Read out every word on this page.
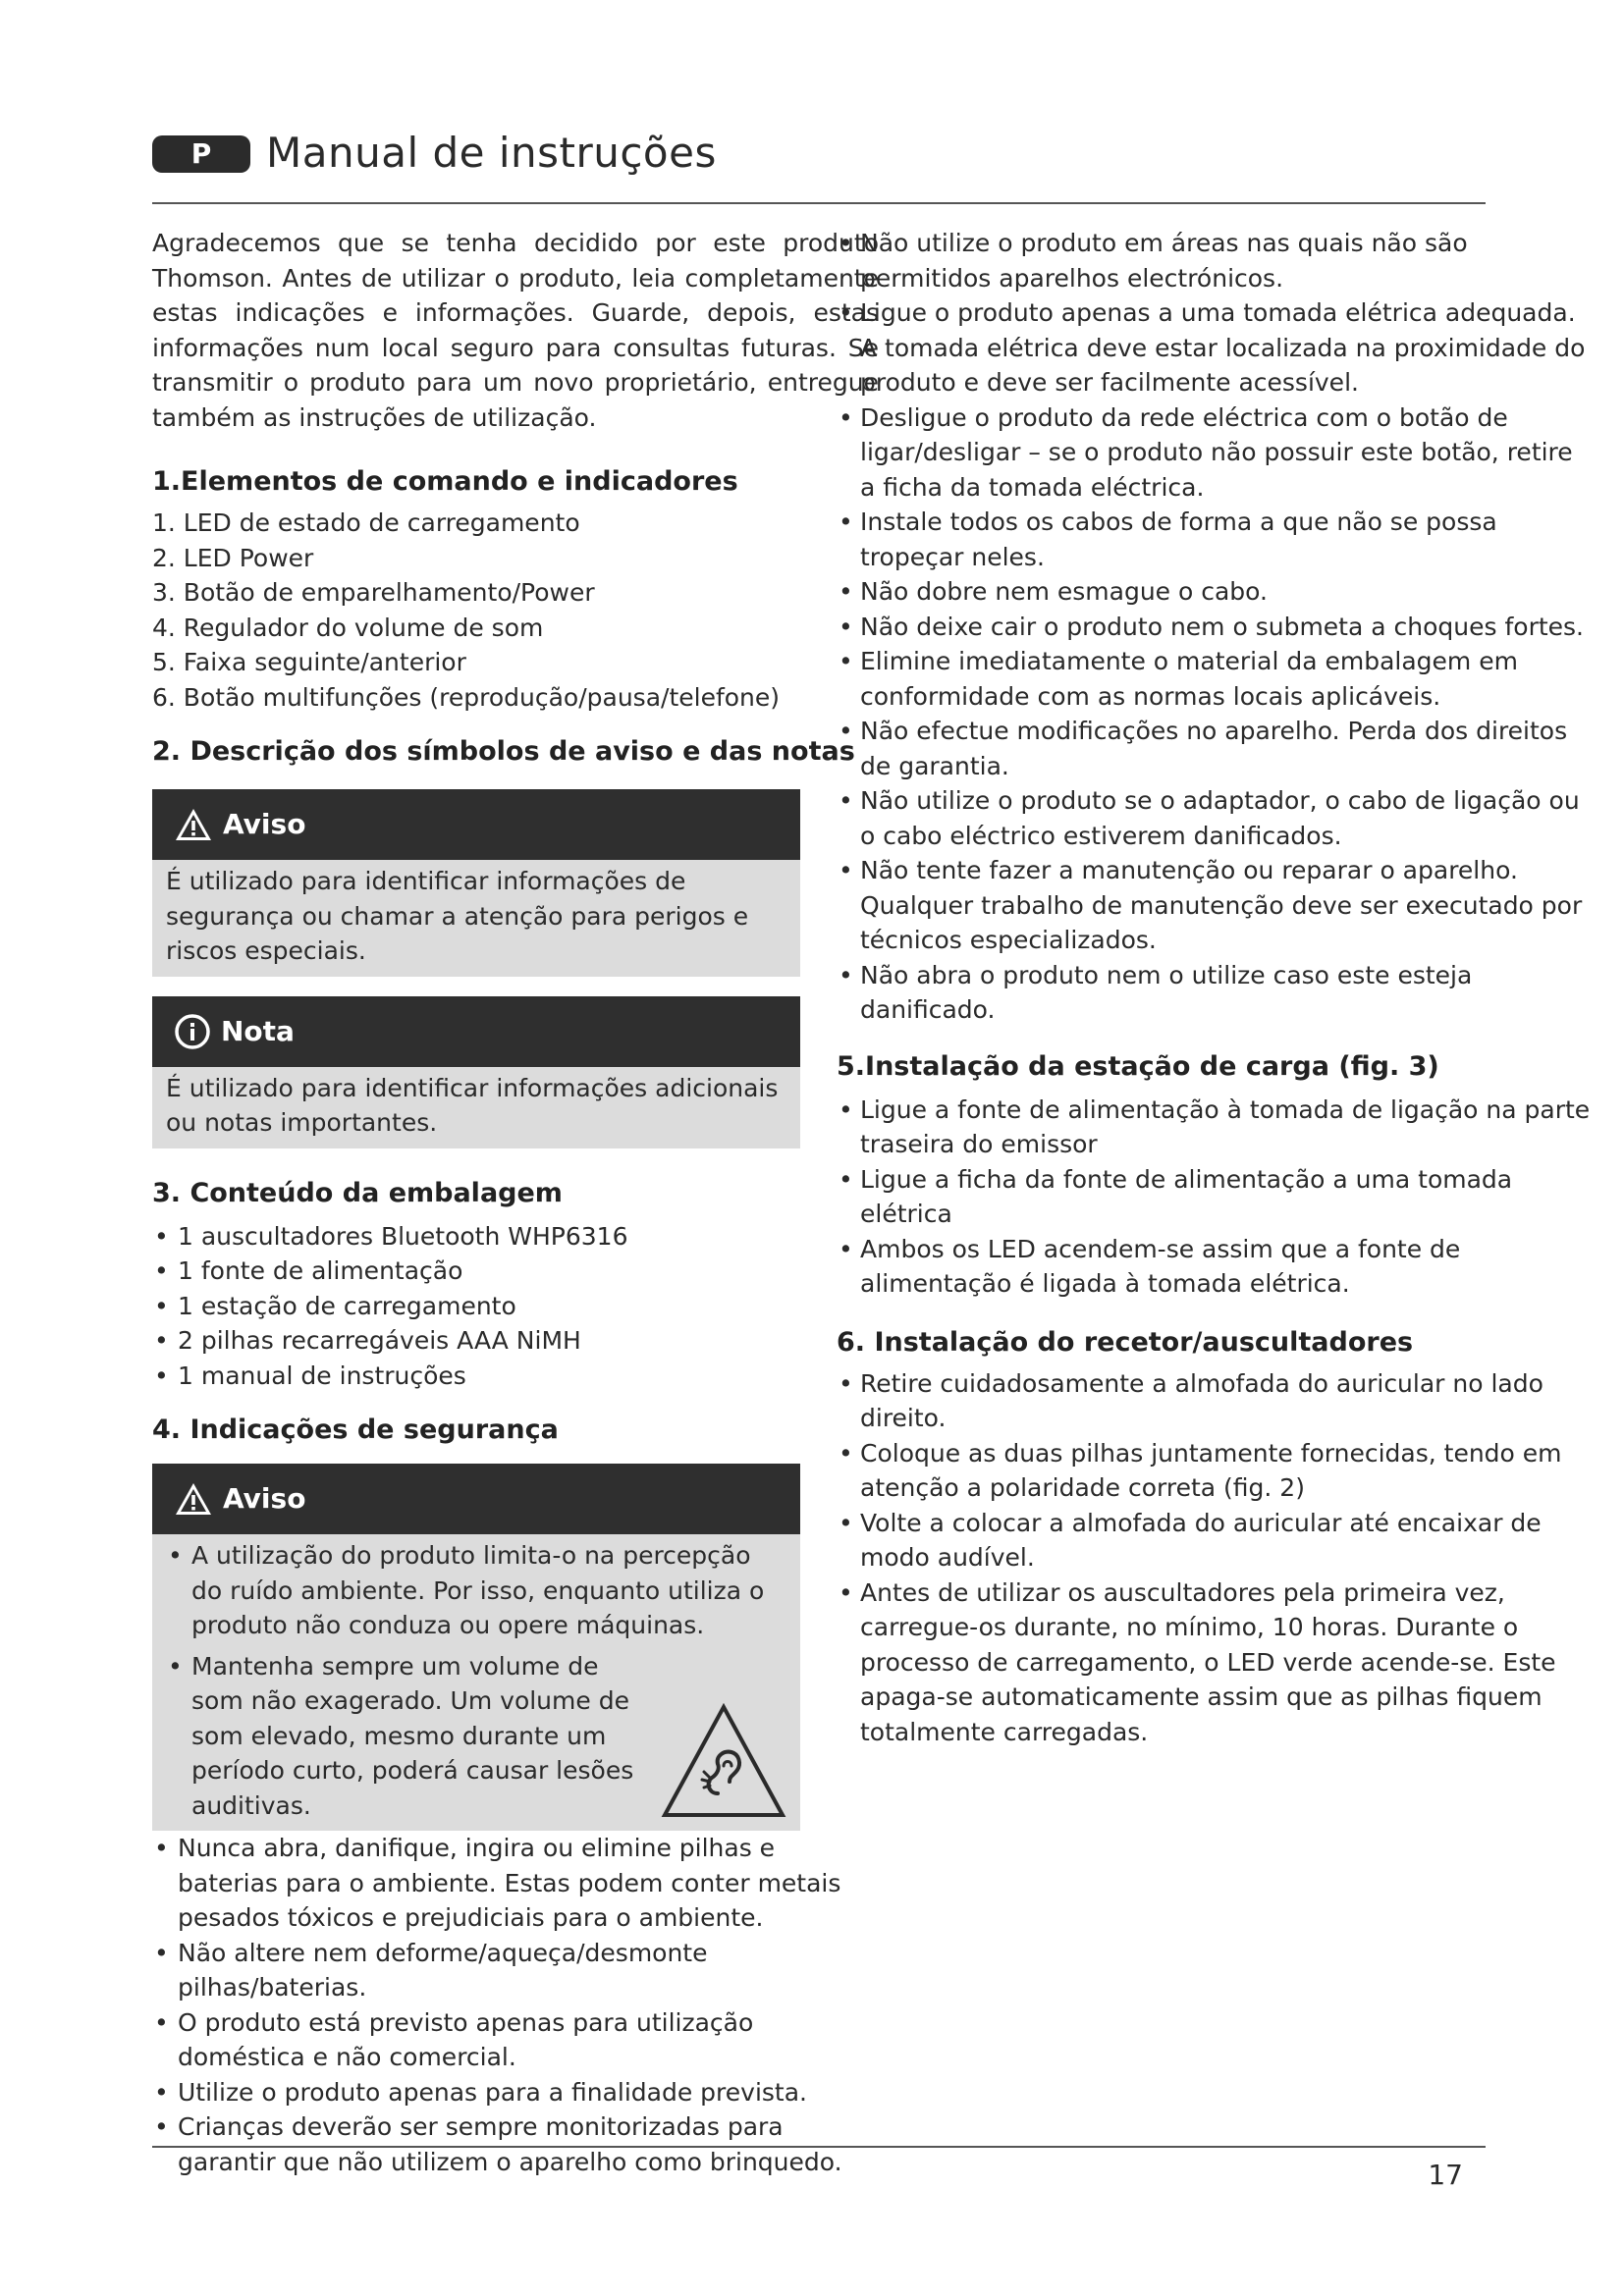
P	Manual de instruções

Agradecemos que se tenha decidido por este produto Thomson. Antes de utilizar o produto, leia completamente estas indicações e informações. Guarde, depois, estas informações num local seguro para consultas futuras. Se transmitir o produto para um novo proprietário, entregue também as instruções de utilização.

1.Elementos de comando e indicadores
1. LED de estado de carregamento
2. LED Power
3. Botão de emparelhamento/Power
4. Regulador do volume de som
5. Faixa seguinte/anterior
6. Botão multifunções (reprodução/pausa/telefone)
2. Descrição dos símbolos de aviso e das notas
Aviso
É utilizado para identificar informações de segurança ou chamar a atenção para perigos e riscos especiais.
Nota
É utilizado para identificar informações adicionais ou notas importantes.
3. Conteúdo da embalagem
• 1 auscultadores Bluetooth WHP6316
• 1 fonte de alimentação
• 1 estação de carregamento
• 2 pilhas recarregáveis AAA NiMH
• 1 manual de instruções
4. Indicações de segurança
Aviso
• A utilização do produto limita-o na percepção do ruído ambiente. Por isso, enquanto utiliza o produto não conduza ou opere máquinas.
• Mantenha sempre um volume de som não exagerado. Um volume de som elevado, mesmo durante um período curto, poderá causar lesões auditivas.
• Nunca abra, danifique, ingira ou elimine pilhas e baterias para o ambiente. Estas podem conter metais pesados tóxicos e prejudiciais para o ambiente.
• Não altere nem deforme/aqueça/desmonte pilhas/baterias.
• O produto está previsto apenas para utilização doméstica e não comercial.
• Utilize o produto apenas para a finalidade prevista.
• Crianças deverão ser sempre monitorizadas para garantir que não utilizem o aparelho como brinquedo.
• Não utilize o produto em áreas nas quais não são permitidos aparelhos electrónicos.
• Ligue o produto apenas a uma tomada elétrica adequada. A tomada elétrica deve estar localizada na proximidade do produto e deve ser facilmente acessível.
• Desligue o produto da rede eléctrica com o botão de ligar/desligar – se o produto não possuir este botão, retire a ficha da tomada eléctrica.
• Instale todos os cabos de forma a que não se possa tropeçar neles.
• Não dobre nem esmague o cabo.
• Não deixe cair o produto nem o submeta a choques fortes.
• Elimine imediatamente o material da embalagem em conformidade com as normas locais aplicáveis.
• Não efectue modificações no aparelho. Perda dos direitos de garantia.
• Não utilize o produto se o adaptador, o cabo de ligação ou o cabo eléctrico estiverem danificados.
• Não tente fazer a manutenção ou reparar o aparelho. Qualquer trabalho de manutenção deve ser executado por técnicos especializados.
• Não abra o produto nem o utilize caso este esteja danificado.
5.Instalação da estação de carga (fig. 3)
• Ligue a fonte de alimentação à tomada de ligação na parte traseira do emissor
• Ligue a ficha da fonte de alimentação a uma tomada elétrica
• Ambos os LED acendem-se assim que a fonte de alimentação é ligada à tomada elétrica.
6. Instalação do recetor/auscultadores
• Retire cuidadosamente a almofada do auricular no lado direito.
• Coloque as duas pilhas juntamente fornecidas, tendo em atenção a polaridade correta (fig. 2)
• Volte a colocar a almofada do auricular até encaixar de modo audível.
• Antes de utilizar os auscultadores pela primeira vez, carregue-os durante, no mínimo, 10 horas. Durante o processo de carregamento, o LED verde acende-se. Este apaga-se automaticamente assim que as pilhas fiquem totalmente carregadas.
17
